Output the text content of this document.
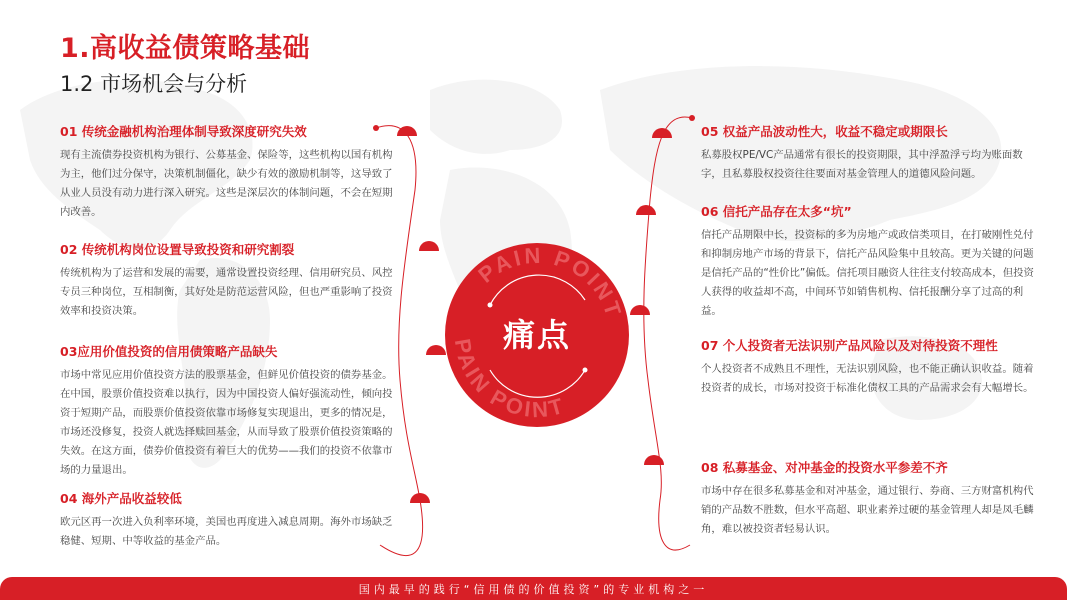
1.高收益债策略基础
1.2 市场机会与分析
PAIN POINT
PAIN POINT
痛点
01 传统金融机构治理体制导致深度研究失效

现有主流债券投资机构为银行、公募基金、保险等，这些机构以国有机构为主，他们过分保守，决策机制僵化，缺少有效的激励机制等，这导致了从业人员没有动力进行深入研究。这些是深层次的体制问题，不会在短期内改善。

02 传统机构岗位设置导致投资和研究割裂

传统机构为了运营和发展的需要，通常设置投资经理、信用研究员、风控专员三种岗位，互相制衡，其好处是防范运营风险，但也严重影响了投资效率和投资决策。

03应用价值投资的信用债策略产品缺失

市场中常见应用价值投资方法的股票基金，但鲜见价值投资的债券基金。在中国，股票价值投资难以执行，因为中国投资人偏好强流动性，倾向投资于短期产品，而股票价值投资依靠市场修复实现退出，更多的情况是，市场还没修复，投资人就选择赎回基金，从而导致了股票价值投资策略的失效。在这方面，债券价值投资有着巨大的优势——我们的投资不依靠市场的力量退出。

04 海外产品收益较低

欧元区再一次进入负利率环境，美国也再度进入减息周期。海外市场缺乏稳健、短期、中等收益的基金产品。

05 权益产品波动性大，收益不稳定或期限长

私募股权PE/VC产品通常有很长的投资期限，其中浮盈浮亏均为账面数字，且私募股权投资往往要面对基金管理人的道德风险问题。

06 信托产品存在太多“坑”

信托产品期限中长，投资标的多为房地产或政信类项目，在打破刚性兑付和抑制房地产市场的背景下，信托产品风险集中且较高。更为关键的问题是信托产品的“性价比”偏低。信托项目融资人往往支付较高成本，但投资人获得的收益却不高，中间环节如销售机构、信托报酬分享了过高的利益。

07 个人投资者无法识别产品风险以及对待投资不理性

个人投资者不成熟且不理性，无法识别风险，也不能正确认识收益。随着投资者的成长，市场对投资于标准化债权工具的产品需求会有大幅增长。

08 私募基金、对冲基金的投资水平参差不齐

市场中存在很多私募基金和对冲基金，通过银行、券商、三方财富机构代销的产品数不胜数，但水平高超、职业素养过硬的基金管理人却是凤毛麟角，难以被投资者轻易认识。

国内最早的践行“信用债的价值投资”的专业机构之一
